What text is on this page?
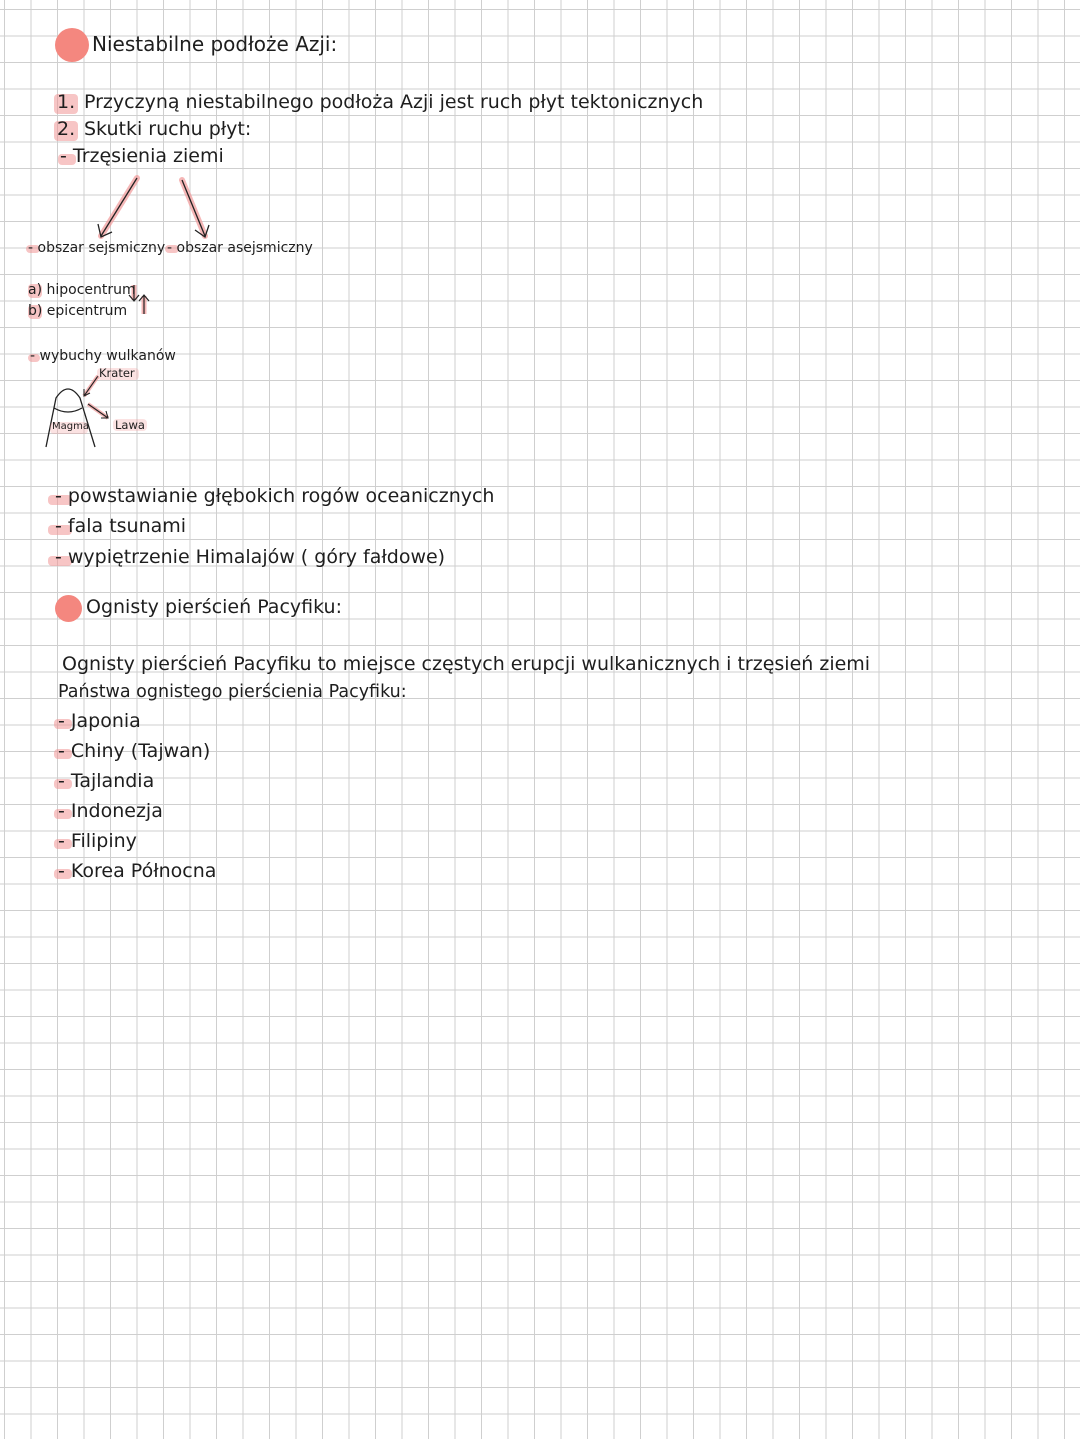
Niestabilne podłoże Azji:

1. Przyczyną niestabilnego podłoża Azji jest ruch płyt tektonicznych

2. Skutki ruchu płyt:

- Trzęsienia ziemi

- obszar sejsmiczny - obszar asejsmiczny

a) hipocentrum

b) epicentrum

- wybuchy wulkanów

Krater

Magma Lawa

- powstawianie głębokich rogów oceanicznych

- fala tsunami

- wypiętrzenie Himalajów ( góry fałdowe)

Ognisty pierścień Pacyfiku:

Ognisty pierścień Pacyfiku to miejsce częstych erupcji wulkanicznych i trzęsień ziemi

Państwa ognistego pierścienia Pacyfiku:

- Japonia

- Chiny (Tajwan)

- Tajlandia

- Indonezja

- Filipiny

- Korea Północna
